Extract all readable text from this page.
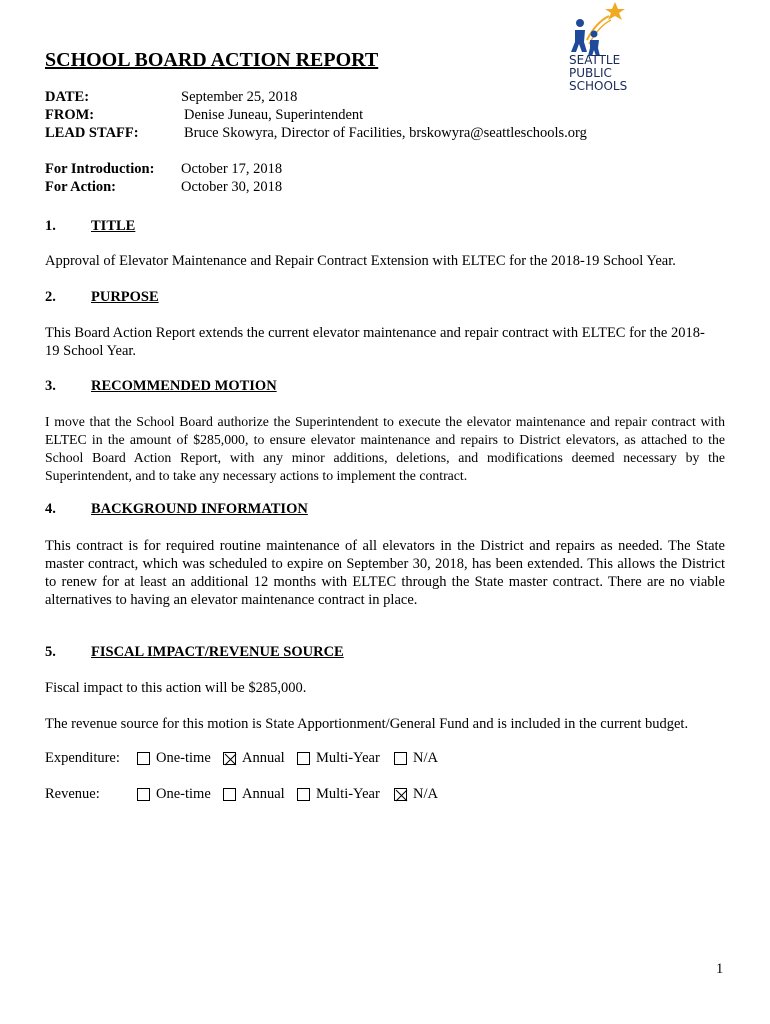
SEATTLE
PUBLIC
SCHOOLS
SCHOOL BOARD ACTION REPORT
DATE:	September 25, 2018
FROM:	Denise Juneau, Superintendent
LEAD STAFF:	Bruce Skowyra, Director of Facilities, brskowyra@seattleschools.org
For Introduction: October 17, 2018
For Action:	October 30, 2018
1. TITLE
Approval of Elevator Maintenance and Repair Contract Extension with ELTEC for the 2018-19 School Year.
2. PURPOSE
This Board Action Report extends the current elevator maintenance and repair contract with ELTEC for the 2018-19 School Year.
3. RECOMMENDED MOTION
I move that the School Board authorize the Superintendent to execute the elevator maintenance and repair contract with ELTEC in the amount of $285,000, to ensure elevator maintenance and repairs to District elevators, as attached to the School Board Action Report, with any minor additions, deletions, and modifications deemed necessary by the Superintendent, and to take any necessary actions to implement the contract.
4. BACKGROUND INFORMATION
This contract is for required routine maintenance of all elevators in the District and repairs as needed. The State master contract, which was scheduled to expire on September 30, 2018, has been extended. This allows the District to renew for at least an additional 12 months with ELTEC through the State master contract. There are no viable alternatives to having an elevator maintenance contract in place.
5. FISCAL IMPACT/REVENUE SOURCE
Fiscal impact to this action will be $285,000.
The revenue source for this motion is State Apportionment/General Fund and is included in the current budget.
Expenditure: One-time Annual Multi-Year N/A
Revenue:	One-time Annual Multi-Year N/A
1
